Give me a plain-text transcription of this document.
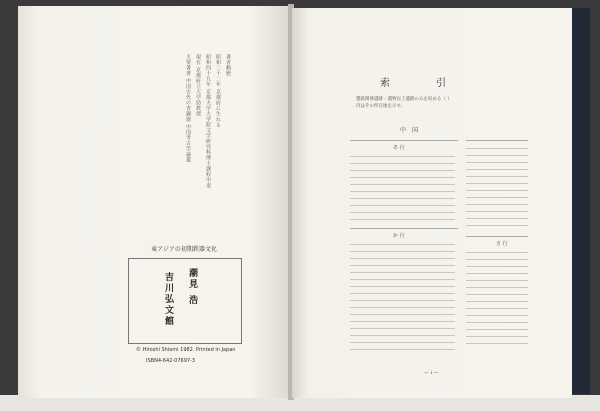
著者略歴
昭和二十二年 京都府に生れる
昭和四十九年 京都大学大学院文学研究科博士課程中退
現在 京都府立大学助教授
主要著書 中国古代の青銅器 中国考古学論叢
東アジアの初期鉄器文化
潮見 浩
吉川弘文館
© Hiroshi Shiomi 1982. Printed in Japan
ISBN4-642-07697-3
索　引
製鉄関係遺跡・遺物以上遺跡のみを収める（ ）
内はその所在地を示す。
中　国
あ 行
か 行
さ 行
— i —
